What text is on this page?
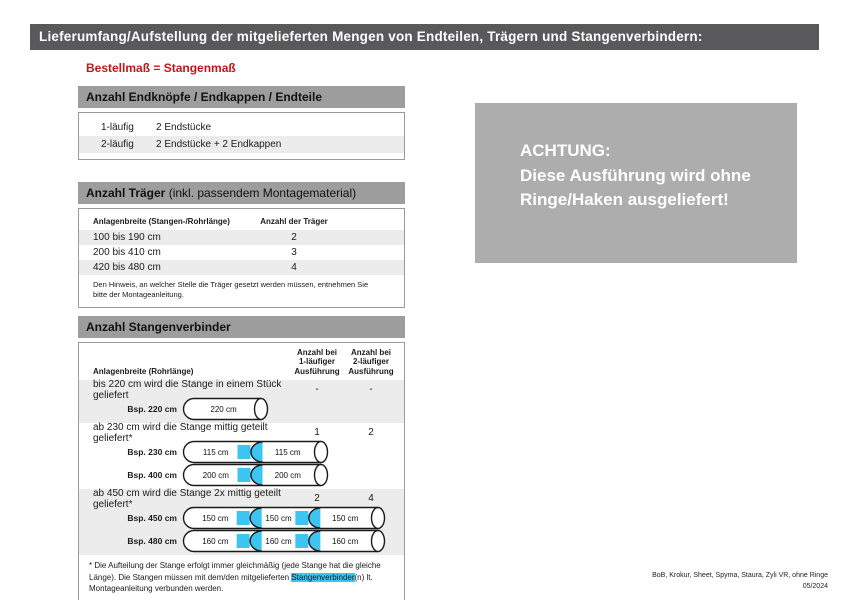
Lieferumfang/Aufstellung der mitgelieferten Mengen von Endteilen, Trägern und Stangenverbindern:
Bestellmaß = Stangenmaß
Anzahl Endknöpfe / Endkappen / Endteile
1-läufig	2 Endstücke
2-läufig	2 Endstücke + 2 Endkappen
Anzahl Träger (inkl. passendem Montagematerial)
Anlagenbreite (Stangen-/Rohrlänge)	Anzahl der Träger
100 bis 190 cm	2
200 bis 410 cm	3
420 bis 480 cm	4
Den Hinweis, an welcher Stelle die Träger gesetzt werden müssen, entnehmen Sie bitte der Montageanleitung.
Anzahl Stangenverbinder
Anlagenbreite (Rohrlänge)
Anzahl bei
1-läufiger
Ausführung
Anzahl bei
2-läufiger
Ausführung
bis 220 cm wird die Stange in einem Stück geliefert	-	-
Bsp. 220 cm	220 cm
ab 230 cm wird die Stange mittig geteilt geliefert*	1	2
Bsp. 230 cm	115 cm	115 cm
Bsp. 400 cm	200 cm	200 cm
ab 450 cm wird die Stange 2x mittig geteilt geliefert*	2	4
Bsp. 450 cm	150 cm	150 cm	150 cm
Bsp. 480 cm	160 cm	160 cm	160 cm
* Die Aufteilung der Stange erfolgt immer gleichmäßig (jede Stange hat die gleiche Länge). Die Stangen müssen mit dem/den mitgelieferten Stangenverbinder(n) lt. Montageanleitung verbunden werden.
ACHTUNG:
Diese Ausführung wird ohne
Ringe/Haken ausgeliefert!
BoB, Krokur, Sheet, Spyma, Staura, Zyli VR, ohne Ringe
05/2024
